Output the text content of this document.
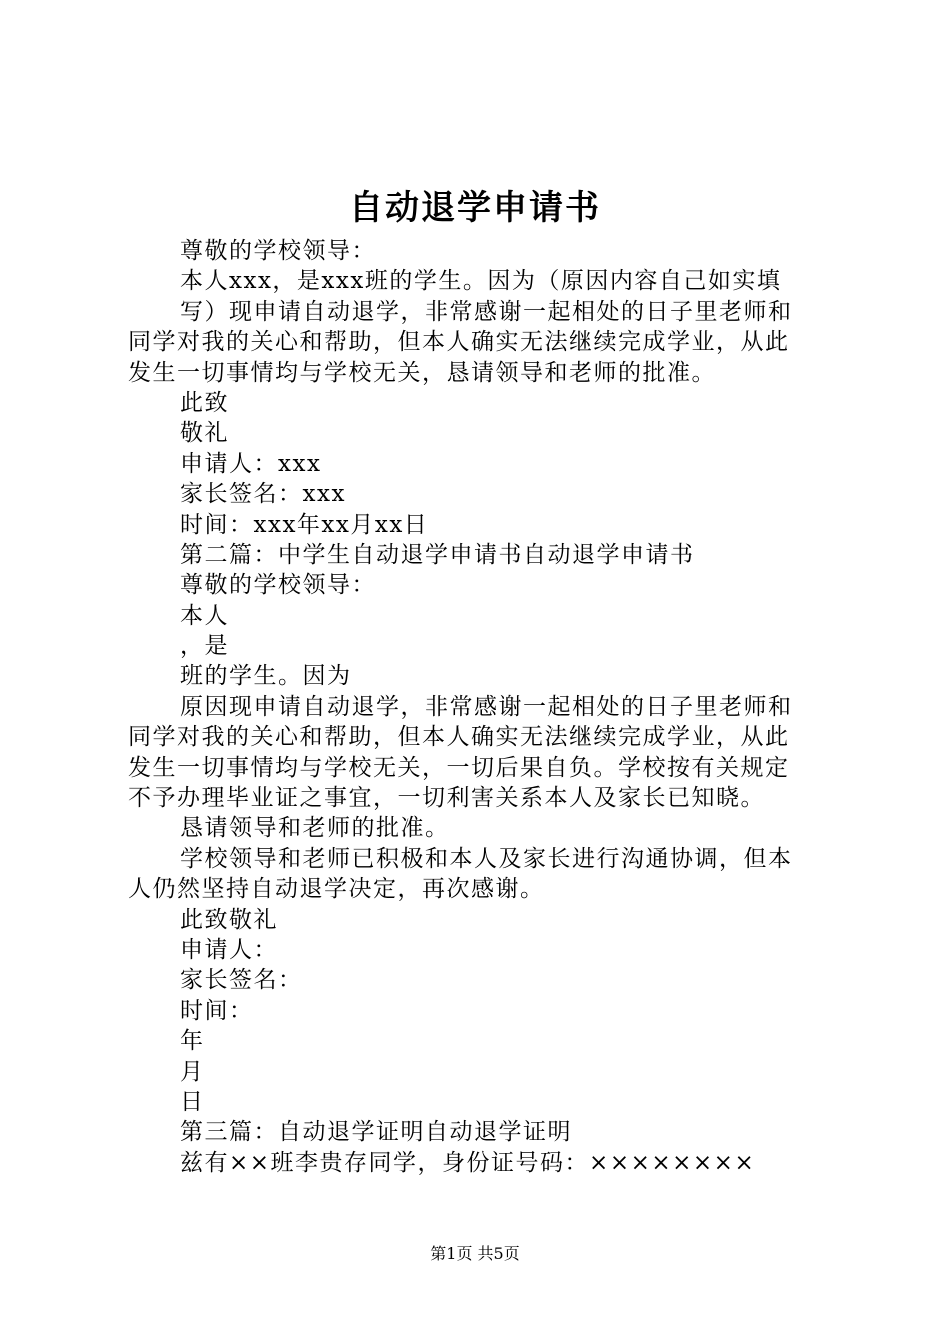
自动退学申请书
尊敬的学校领导：
本人xxx，是xxx班的学生。因为（原因内容自己如实填
写）现申请自动退学，非常感谢一起相处的日子里老师和
同学对我的关心和帮助，但本人确实无法继续完成学业，从此
发生一切事情均与学校无关，恳请领导和老师的批准。
此致
敬礼
申请人：xxx
家长签名：xxx
时间：xxx年xx月xx日
第二篇：中学生自动退学申请书自动退学申请书
尊敬的学校领导：
本人
，是
班的学生。因为
原因现申请自动退学，非常感谢一起相处的日子里老师和
同学对我的关心和帮助，但本人确实无法继续完成学业，从此
发生一切事情均与学校无关，一切后果自负。学校按有关规定
不予办理毕业证之事宜，一切利害关系本人及家长已知晓。
恳请领导和老师的批准。
学校领导和老师已积极和本人及家长进行沟通协调，但本
人仍然坚持自动退学决定，再次感谢。
此致敬礼
申请人：
家长签名：
时间：
年
月
日
第三篇：自动退学证明自动退学证明
兹有××班李贵存同学，身份证号码：××××××××
第1页 共5页
